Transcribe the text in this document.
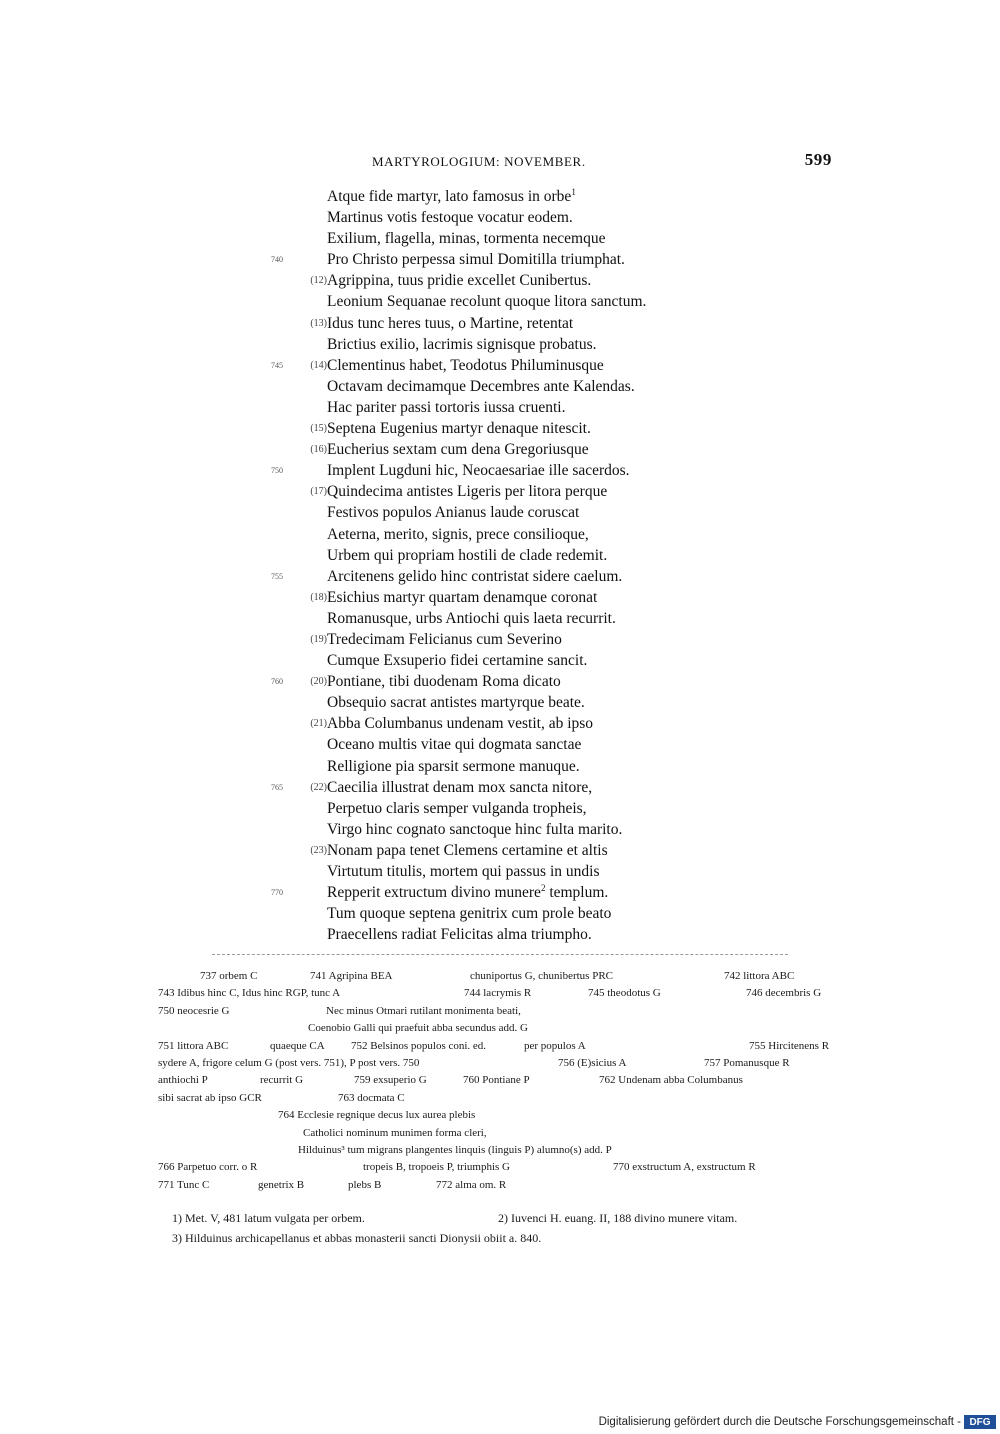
MARTYROLOGIUM: NOVEMBER.	599
Atque fide martyr, lato famosus in orbe$^1$
Martinus votis festoque vocatur eodem.
Exilium, flagella, minas, tormenta necemque
740	Pro Christo perpessa simul Domitilla triumphat.
(12) Agrippina, tuus pridie excellet Cunibertus.
Leonium Sequanae recolunt quoque litora sanctum.
(13) Idus tunc heres tuus, o Martine, retentat
Brictius exilio, lacrimis signisque probatus.
745	(14) Clementinus habet, Teodotus Philuminusque
Octavam decimamque Decembres ante Kalendas.
Hac pariter passi tortoris iussa cruenti.
(15) Septena Eugenius martyr denaque nitescit.
(16) Eucherius sextam cum dena Gregoriusque
750	Implent Lugduni hic, Neocaesariae ille sacerdos.
(17) Quindecima antistes Ligeris per litora perque
Festivos populos Anianus laude coruscat
Aeterna, merito, signis, prece consilioque,
Urbem qui propriam hostili de clade redemit.
755	Arcitenens gelido hinc contristat sidere caelum.
(18) Esichius martyr quartam denamque coronat
Romanusque, urbs Antiochi quis laeta recurrit.
(19) Tredecimam Felicianus cum Severino
Cumque Exsuperio fidei certamine sancit.
760	(20) Pontiane, tibi duodenam Roma dicato
Obsequio sacrat antistes martyrque beate.
(21) Abba Columbanus undenam vestit, ab ipso
Oceano multis vitae qui dogmata sanctae
Relligione pia sparsit sermone manuque.
765	(22) Caecilia illustrat denam mox sancta nitore,
Perpetuo claris semper vulganda tropheis,
Virgo hinc cognato sanctoque hinc fulta marito.
(23) Nonam papa tenet Clemens certamine et altis
Virtutum titulis, mortem qui passus in undis
770	Repperit extructum divino munere$^2$ templum.
Tum quoque septena genitrix cum prole beato
Praecellens radiat Felicitas alma triumpho.
737 orbem C	741 Agripina BEA	chuniportus G, chunibertus PRC	742 littora ABC
743 Idibus hinc C, Idus hinc RGP, tunc A	744 lacrymis R	745 theodotus G	746 decembris G
750 neocesrie G	Nec minus Otmari rutilant monimenta beati,
Coenobio Galli qui praefuit abba secundus add. G
751 littora ABC	quaeque CA 752 Belsinos populos coni. ed.	per populos A	755 Hircitenens R
sydere A, frigore celum G (post vers. 751), P post vers. 750	756 (E)sicius A	757 Pomanusque R
anthiochi P	recurrit G	759 exsuperio G	760 Pontiane P	762 Undenam abba Columbanus
sibi sacrat ab ipso GCR	763 docmata C
764 Ecclesie regnique decus lux aurea plebis
Catholici nominum munimen forma cleri,
Hilduinus³ tum migrans plangentes linquis (linguis P) alumno(s) add. P
766 Parpetuo corr. o R	tropeis B, tropoeis P, triumphis G	770 exstructum A, exstructum R
771 Tunc C	genetrix B	plebs B	772 alma om. R
1) Met. V, 481 latum vulgata per orbem.	2) Iuvenci H. euang. II, 188 divino munere vitam.
3) Hilduinus archicapellanus et abbas monasterii sancti Dionysii obiit a. 840.
Digitalisierung gefördert durch die Deutsche Forschungsgemeinschaft - DFG
